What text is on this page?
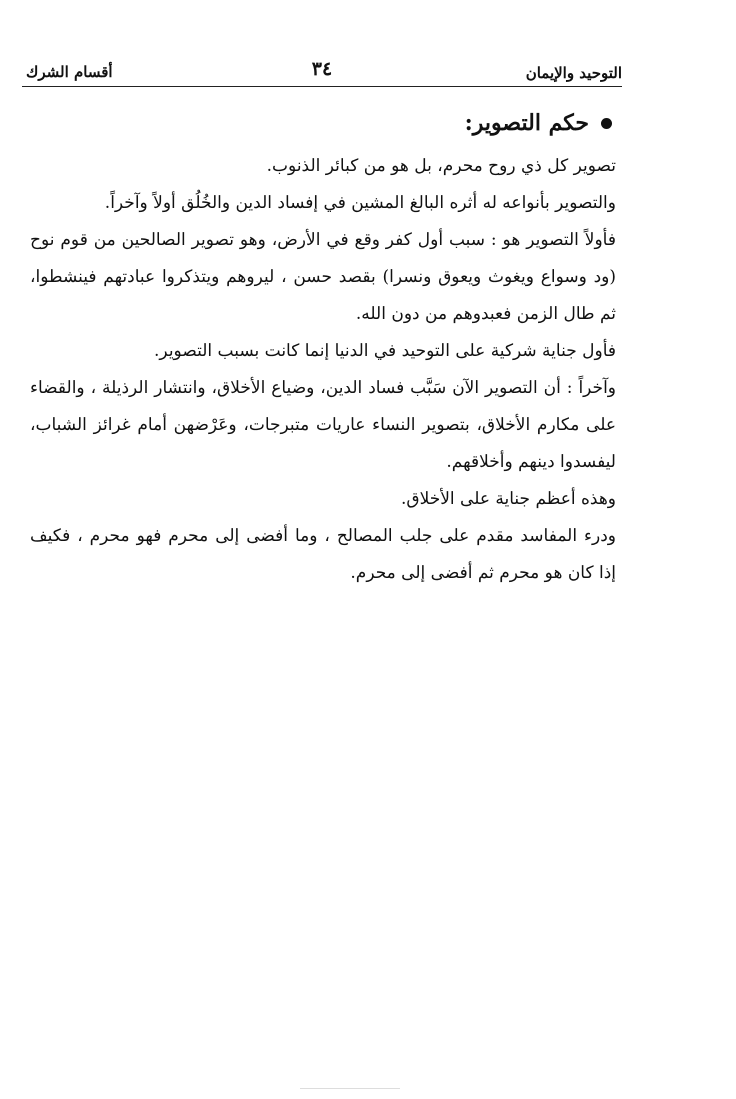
التوحيد والإيمان
٣٤
أقسام الشرك
حكم التصوير:

تصوير كل ذي روح محرم، بل هو من كبائر الذنوب.

والتصوير بأنواعه له أثره البالغ المشين في إفساد الدين والخُلُق أولاً وآخراً.

فأولاً التصوير هو : سبب أول كفر وقع في الأرض، وهو تصوير الصالحين من قوم نوح (ود وسواع ويغوث ويعوق ونسرا) بقصد حسن ، ليروهم ويتذكروا عبادتهم فينشطوا، ثم طال الزمن فعبدوهم من دون الله.

فأول جناية شركية على التوحيد في الدنيا إنما كانت بسبب التصوير.

وآخراً : أن التصوير الآن سَبَّب فساد الدين، وضياع الأخلاق، وانتشار الرذيلة ، والقضاء على مكارم الأخلاق، بتصوير النساء عاريات متبرجات، وعَرْضهن أمام غرائز الشباب، ليفسدوا دينهم وأخلاقهم.

وهذه أعظم جناية على الأخلاق.

ودرء المفاسد مقدم على جلب المصالح ، وما أفضى إلى محرم فهو محرم ، فكيف إذا كان هو محرم ثم أفضى إلى محرم.
